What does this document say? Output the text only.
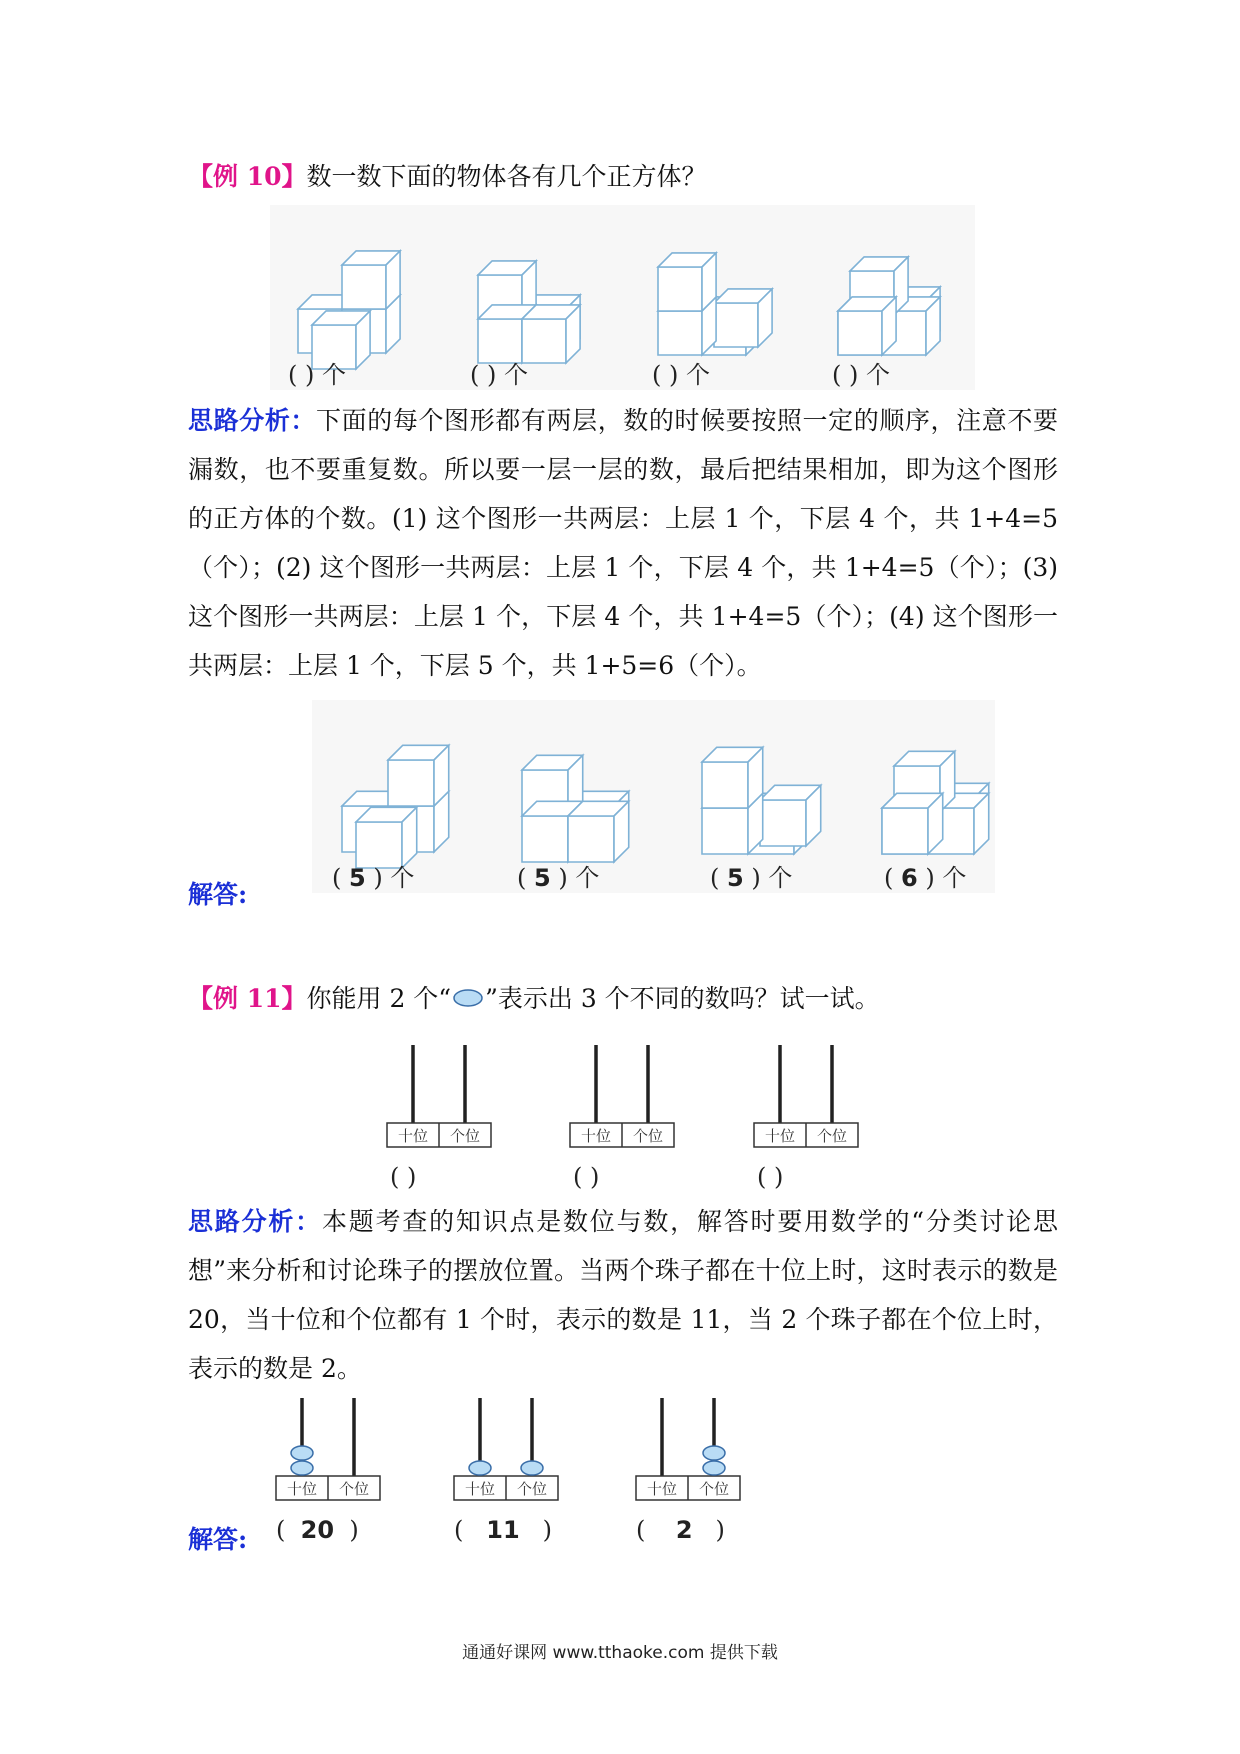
【例 10】数一数下面的物体各有几个正方体？
( ) 个	( ) 个	( ) 个	( ) 个
思路分析：下面的每个图形都有两层，数的时候要按照一定的顺序，注意不要漏数，也不要重复数。所以要一层一层的数，最后把结果相加，即为这个图形的正方体的个数。(1) 这个图形一共两层：上层 1 个，下层 4 个，共 1+4=5（个）；(2) 这个图形一共两层：上层 1 个，下层 4 个，共 1+4=5（个）；(3) 这个图形一共两层：上层 1 个，下层 4 个，共 1+4=5（个）；(4) 这个图形一共两层：上层 1 个，下层 5 个，共 1+5=6（个）。
解答:
( 5 ) 个	( 5 ) 个	( 5 ) 个	( 6 ) 个
【例 11】你能用 2 个“ ”表示出 3 个不同的数吗？试一试。
十位 个位
( )
十位 个位
( )
十位 个位
( )
思路分析：本题考查的知识点是数位与数，解答时要用数学的“分类讨论思想”来分析和讨论珠子的摆放位置。当两个珠子都在十位上时，这时表示的数是 20，当十位和个位都有 1 个时，表示的数是 11，当 2 个珠子都在个位上时，表示的数是 2。
解答:
十位 个位
( 20 )
十位 个位
( 11 )
十位 个位
( 2 )
通通好课网 www.tthaoke.com 提供下载
